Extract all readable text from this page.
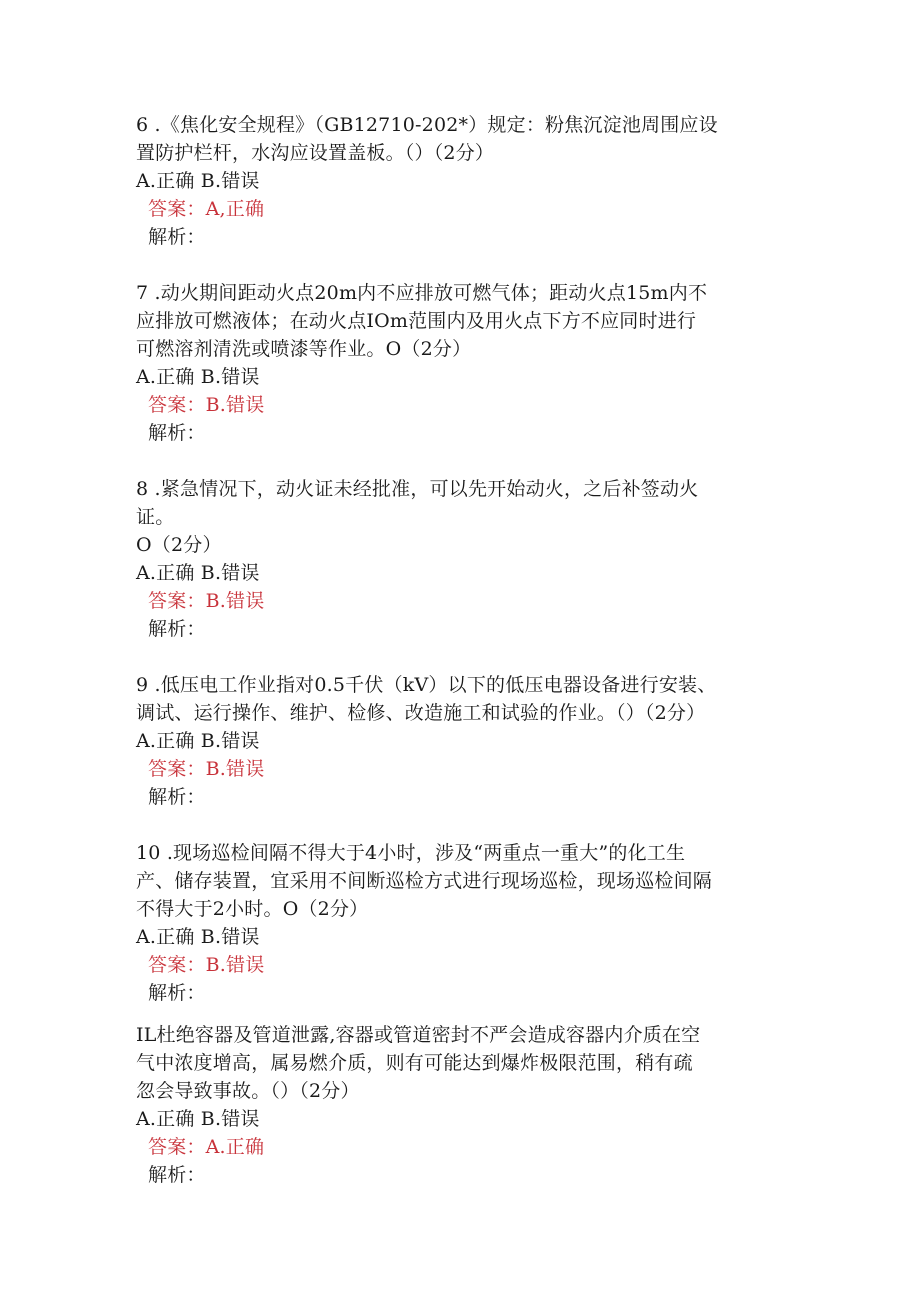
6 .《焦化安全规程》（GB12710-202*）规定：粉焦沉淀池周围应设
置防护栏杆，水沟应设置盖板。（）（2分）
A.正确 B.错误
答案：A,正确
解析：
7 .动火期间距动火点20m内不应排放可燃气体；距动火点15m内不
应排放可燃液体；在动火点IOm范围内及用火点下方不应同时进行
可燃溶剂清洗或喷漆等作业。O（2分）
A.正确 B.错误
答案：B.错误
解析：
8 .紧急情况下，动火证未经批准，可以先开始动火，之后补签动火
证。
O（2分）
A.正确 B.错误
答案：B.错误
解析：
9 .低压电工作业指对0.5千伏（kV）以下的低压电器设备进行安装、
调试、运行操作、维护、检修、改造施工和试验的作业。（）（2分）
A.正确 B.错误
答案：B.错误
解析：
10 .现场巡检间隔不得大于4小时，涉及“两重点一重大”的化工生
产、储存装置，宜采用不间断巡检方式进行现场巡检，现场巡检间隔
不得大于2小时。O（2分）
A.正确 B.错误
答案：B.错误
解析：
IL杜绝容器及管道泄露,容器或管道密封不严会造成容器内介质在空
气中浓度增高，属易燃介质，则有可能达到爆炸极限范围，稍有疏
忽会导致事故。（）（2分）
A.正确 B.错误
答案：A.正确
解析：
